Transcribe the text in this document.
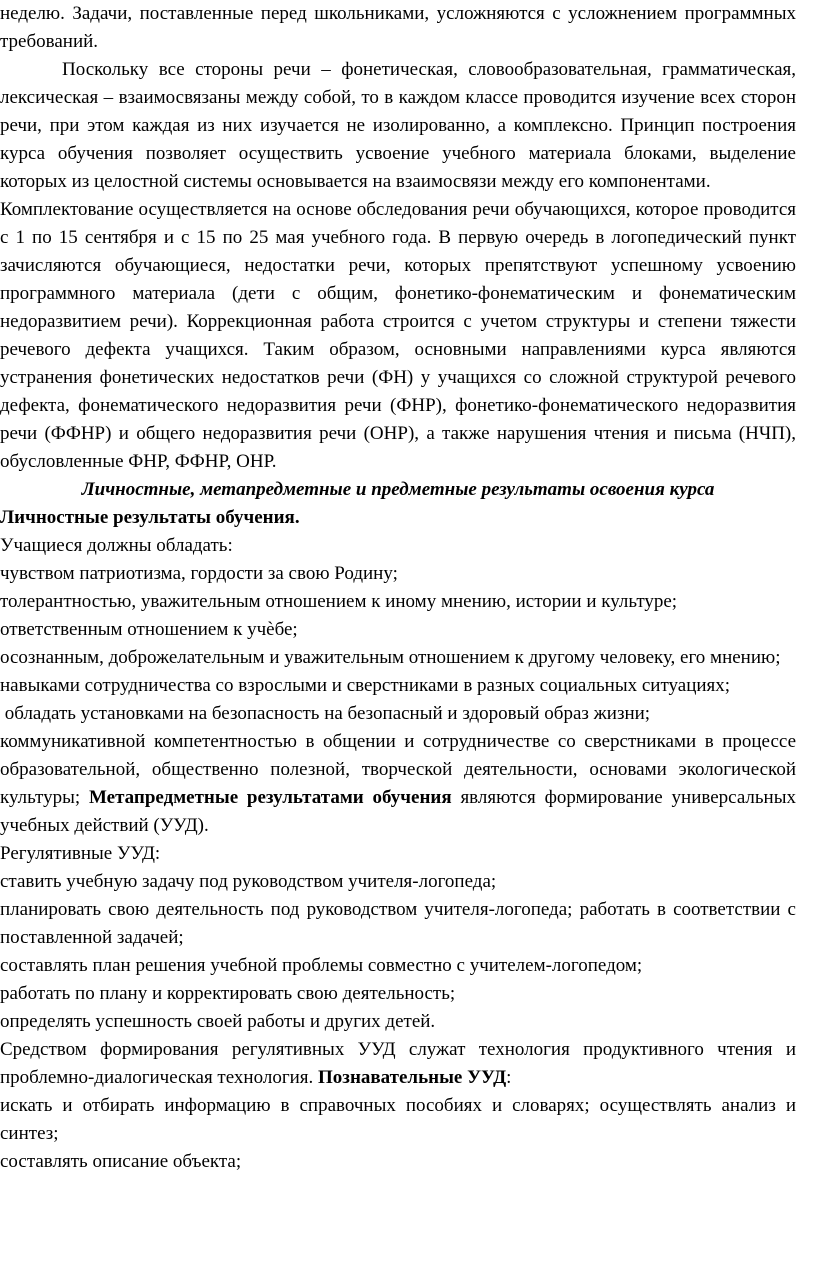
неделю. Задачи, поставленные перед школьниками, усложняются с усложнением программных требований.

Поскольку все стороны речи – фонетическая, словообразовательная, грамматическая, лексическая – взаимосвязаны между собой, то в каждом классе проводится изучение всех сторон речи, при этом каждая из них изучается не изолированно, а комплексно. Принцип построения курса обучения позволяет осуществить усвоение учебного материала блоками, выделение которых из целостной системы основывается на взаимосвязи между его компонентами.

Комплектование осуществляется на основе обследования речи обучающихся, которое проводится с 1 по 15 сентября и с 15 по 25 мая учебного года. В первую очередь в логопедический пункт зачисляются обучающиеся, недостатки речи, которых препятствуют успешному усвоению программного материала (дети с общим, фонетико-фонематическим и фонематическим недоразвитием речи). Коррекционная работа строится с учетом структуры и степени тяжести речевого дефекта учащихся. Таким образом, основными направлениями курса являются устранения фонетических недостатков речи (ФН) у учащихся со сложной структурой речевого дефекта, фонематического недоразвития речи (ФНР), фонетико-фонематического недоразвития речи (ФФНР) и общего недоразвития речи (ОНР), а также нарушения чтения и письма (НЧП), обусловленные ФНР, ФФНР, ОНР.

Личностные, метапредметные и предметные результаты освоения курса

Личностные результаты обучения.

Учащиеся должны обладать:

чувством патриотизма, гордости за свою Родину;

толерантностью, уважительным отношением к иному мнению, истории и культуре;

ответственным отношением к учѐбе;

осознанным, доброжелательным и уважительным отношением к другому человеку, его мнению;

навыками сотрудничества со взрослыми и сверстниками в разных социальных ситуациях;

обладать установками на безопасность на безопасный и здоровый образ жизни;

коммуникативной компетентностью в общении и сотрудничестве со сверстниками в процессе образовательной, общественно полезной, творческой деятельности, основами экологической культуры; Метапредметные результатами обучения являются формирование универсальных учебных действий (УУД).

Регулятивные УУД:

ставить учебную задачу под руководством учителя-логопеда;

планировать свою деятельность под руководством учителя-логопеда; работать в соответствии с поставленной задачей;

составлять план решения учебной проблемы совместно с учителем-логопедом;

работать по плану и корректировать свою деятельность;

определять успешность своей работы и других детей.

Средством формирования регулятивных УУД служат технология продуктивного чтения и проблемно-диалогическая технология. Познавательные УУД:

искать и отбирать информацию в справочных пособиях и словарях; осуществлять анализ и синтез;

составлять описание объекта;
